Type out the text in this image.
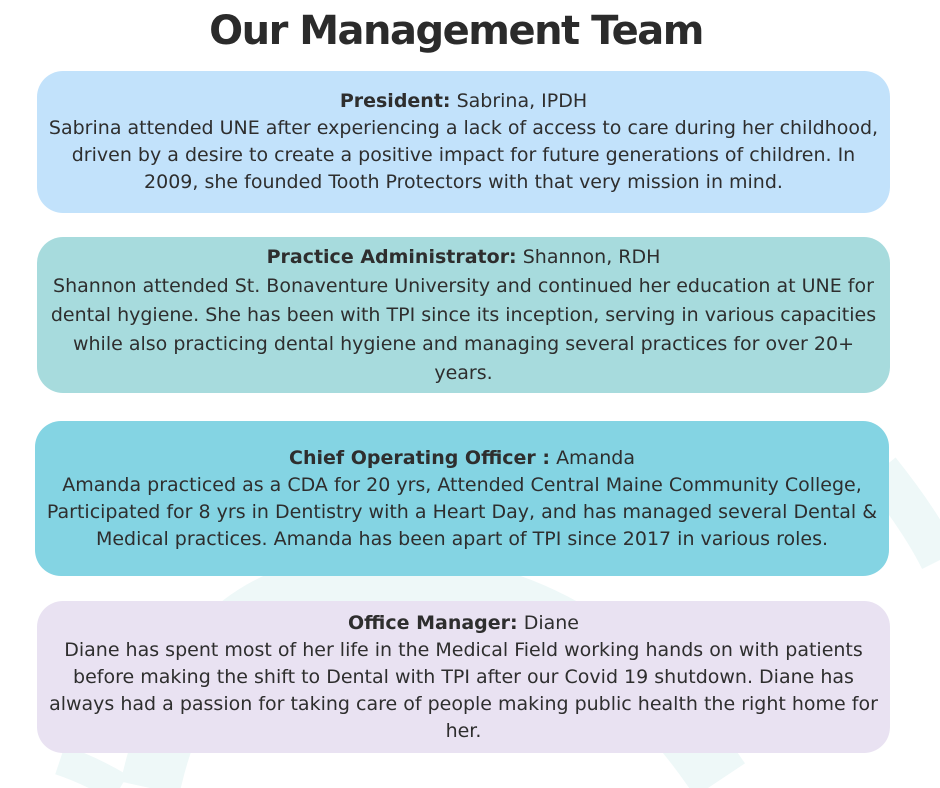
Our Management Team
President: Sabrina, IPDH

Sabrina attended UNE after experiencing a lack of access to care during her childhood, driven by a desire to create a positive impact for future generations of children. In 2009, she founded Tooth Protectors with that very mission in mind.

Practice Administrator: Shannon, RDH

Shannon attended St. Bonaventure University and continued her education at UNE for dental hygiene. She has been with TPI since its inception, serving in various capacities while also practicing dental hygiene and managing several practices for over 20+ years.

Chief Operating Officer : Amanda

Amanda practiced as a CDA for 20 yrs, Attended Central Maine Community College, Participated for 8 yrs in Dentistry with a Heart Day, and has managed several Dental & Medical practices. Amanda has been apart of TPI since 2017 in various roles.

Office Manager: Diane

Diane has spent most of her life in the Medical Field working hands on with patients before making the shift to Dental with TPI after our Covid 19 shutdown. Diane has always had a passion for taking care of people making public health the right home for her.
